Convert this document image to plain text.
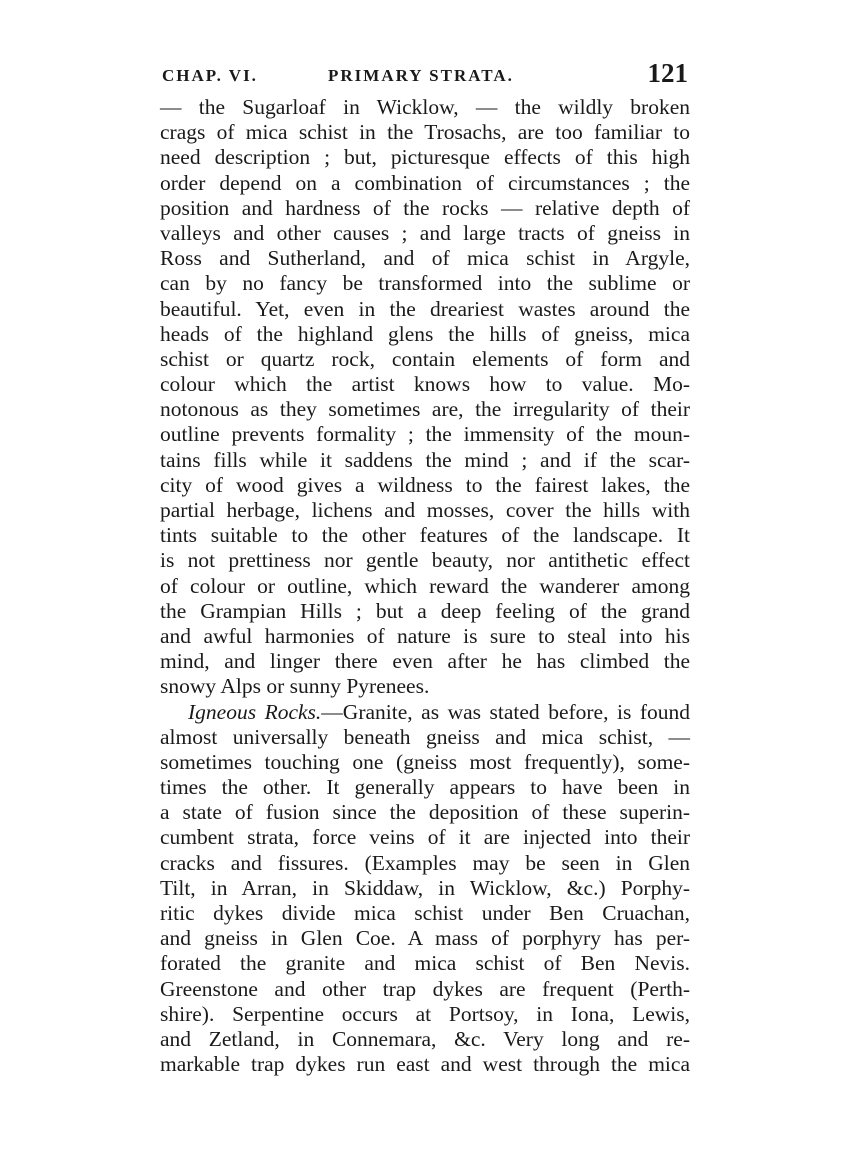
CHAP. VI.	PRIMARY STRATA.	121
— the Sugarloaf in Wicklow, — the wildly broken
crags of mica schist in the Trosachs, are too familiar to
need description ; but, picturesque effects of this high
order depend on a combination of circumstances ; the
position and hardness of the rocks — relative depth of
valleys and other causes ; and large tracts of gneiss in
Ross and Sutherland, and of mica schist in Argyle,
can by no fancy be transformed into the sublime or
beautiful. Yet, even in the dreariest wastes around the
heads of the highland glens the hills of gneiss, mica
schist or quartz rock, contain elements of form and
colour which the artist knows how to value. Mo-
notonous as they sometimes are, the irregularity of their
outline prevents formality ; the immensity of the moun-
tains fills while it saddens the mind ; and if the scar-
city of wood gives a wildness to the fairest lakes, the
partial herbage, lichens and mosses, cover the hills with
tints suitable to the other features of the landscape. It
is not prettiness nor gentle beauty, nor antithetic effect
of colour or outline, which reward the wanderer among
the Grampian Hills ; but a deep feeling of the grand
and awful harmonies of nature is sure to steal into his
mind, and linger there even after he has climbed the
snowy Alps or sunny Pyrenees.
Igneous Rocks.—Granite, as was stated before, is found
almost universally beneath gneiss and mica schist, —
sometimes touching one (gneiss most frequently), some-
times the other. It generally appears to have been in
a state of fusion since the deposition of these superin-
cumbent strata, force veins of it are injected into their
cracks and fissures. (Examples may be seen in Glen
Tilt, in Arran, in Skiddaw, in Wicklow, &c.) Porphy-
ritic dykes divide mica schist under Ben Cruachan,
and gneiss in Glen Coe. A mass of porphyry has per-
forated the granite and mica schist of Ben Nevis.
Greenstone and other trap dykes are frequent (Perth-
shire). Serpentine occurs at Portsoy, in Iona, Lewis,
and Zetland, in Connemara, &c. Very long and re-
markable trap dykes run east and west through the mica
